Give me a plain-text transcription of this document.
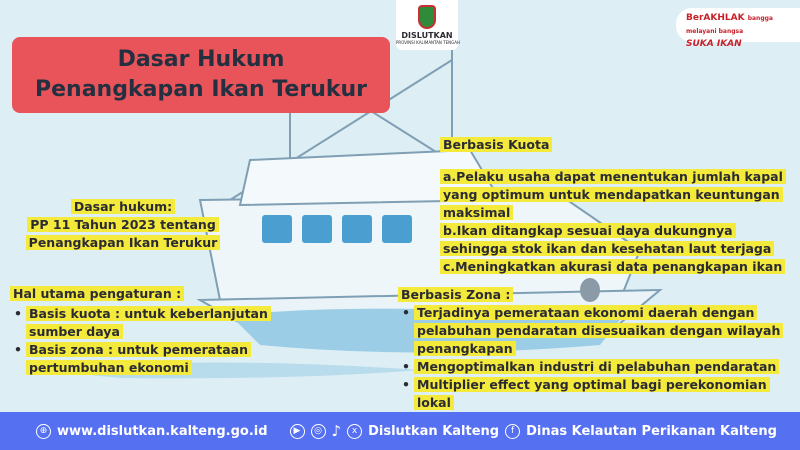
DISLUTKAN
PROVINSI KALIMANTAN TENGAH
BerAKHLAK bangga melayani bangsa
SUKA IKAN
Dasar Hukum
Penangkapan Ikan Terukur
Dasar hukum:
PP 11 Tahun 2023 tentang
Penangkapan Ikan Terukur
Hal utama pengaturan :
• Basis kuota : untuk keberlanjutan sumber daya
• Basis zona : untuk pemerataan pertumbuhan ekonomi
Berbasis Kuota
a.Pelaku usaha dapat menentukan jumlah kapal yang optimum untuk mendapatkan keuntungan maksimal
b.Ikan ditangkap sesuai daya dukungnya sehingga stok ikan dan kesehatan laut terjaga
c.Meningkatkan akurasi data penangkapan ikan
Berbasis Zona :
• Terjadinya pemerataan ekonomi daerah dengan pelabuhan pendaratan disesuaikan dengan wilayah penangkapan
• Mengoptimalkan industri di pelabuhan pendaratan
• Multiplier effect yang optimal bagi perekonomian lokal
⊕ www.dislutkan.kalteng.go.id	▶	◎ ♪	x Dislutkan Kalteng	f Dinas Kelautan Perikanan Kalteng
